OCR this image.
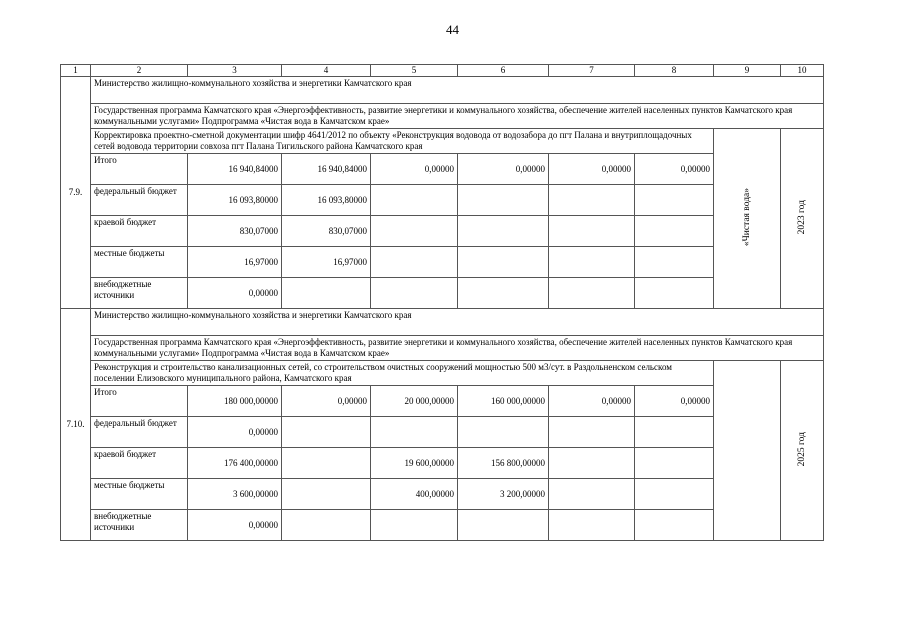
44
1	2	3	4	5	6	7	8	9	10
7.9.	Министерство жилищно-коммунального хозяйства и энергетики Камчатского края								
	Государственная программа Камчатского края «Энергоэффективность, развитие энергетики и коммунального хозяйства, обеспечение жителей населенных пунктов Камчатского края коммунальными услугами» Подпрограмма «Чистая вода в Камчатском крае»								
	Корректировка проектно-сметной документации шифр 4641/2012 по объекту «Реконструкция водовода от водозабора до пгт Палана и внутриплощадочных сетей водовода территории совхоза пгт Палана Тигильского района Камчатского края							«Чистая вода»	2023 год
	Итого	16 940,84000	16 940,84000	0,00000	0,00000	0,00000	0,00000		
	федеральный бюджет	16 093,80000	16 093,80000						
	краевой бюджет	830,07000	830,07000						
	местные бюджеты	16,97000	16,97000						
	внебюджетные источники	0,00000							
7.10.	Министерство жилищно-коммунального хозяйства и энергетики Камчатского края								
	Государственная программа Камчатского края «Энергоэффективность, развитие энергетики и коммунального хозяйства, обеспечение жителей населенных пунктов Камчатского края коммунальными услугами» Подпрограмма «Чистая вода в Камчатском крае»								
	Реконструкция и строительство канализационных сетей, со строительством очистных сооружений мощностью 500 м3/сут. в Раздольненском сельском поселении Елизовского муниципального района, Камчатского края								2025 год
	Итого	180 000,00000	0,00000	20 000,00000	160 000,00000	0,00000	0,00000		
	федеральный бюджет	0,00000							
	краевой бюджет	176 400,00000		19 600,00000	156 800,00000				
	местные бюджеты	3 600,00000		400,00000	3 200,00000				
	внебюджетные источники	0,00000							
